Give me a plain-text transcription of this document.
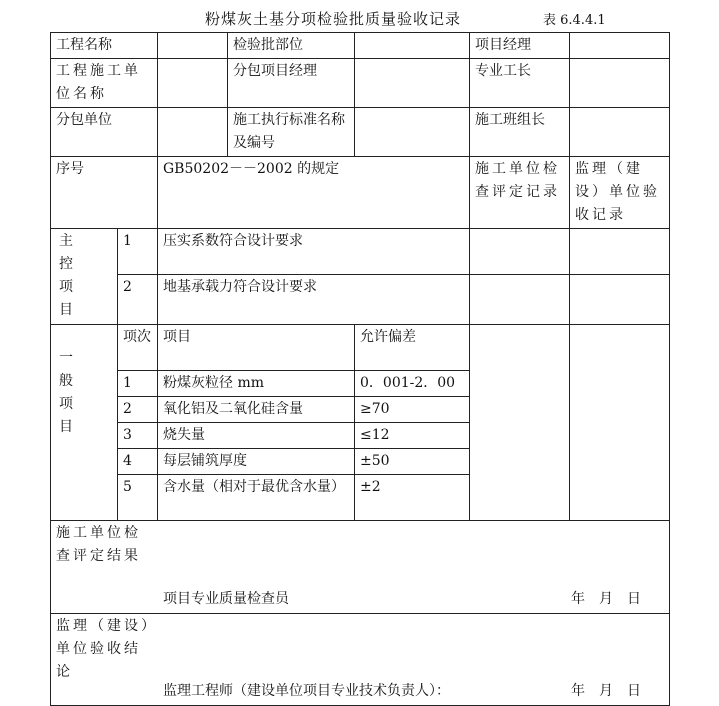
粉煤灰土基分项检验批质量验收记录	表 6.4.4.1

工程名称			检验批部位		项目经理	
工程施工单位名称			分包项目经理		专业工长	
分包单位			施工执行标准名称及编号		施工班组长	
序号		GB50202－－2002 的规定			施工单位检查评定记录	监理（建设）单位验收记录
主控项目	1	压实系数符合设计要求				
	2	地基承载力符合设计要求				
一般项目	项次	项目		允许偏差		
	1	粉煤灰粒径 mm		0．001-2．00		
	2	氧化铝及二氧化硅含量		≥70		
	3	烧失量		≤12		
	4	每层铺筑厚度		±50		
	5	含水量（相对于最优含水量）		±2		

施工单位检查评定结果
项目专业质量检查员 年 月 日						

监理（建设）单位验收结论
监理工程师（建设单位项目专业技术负责人）： 年 月 日						
